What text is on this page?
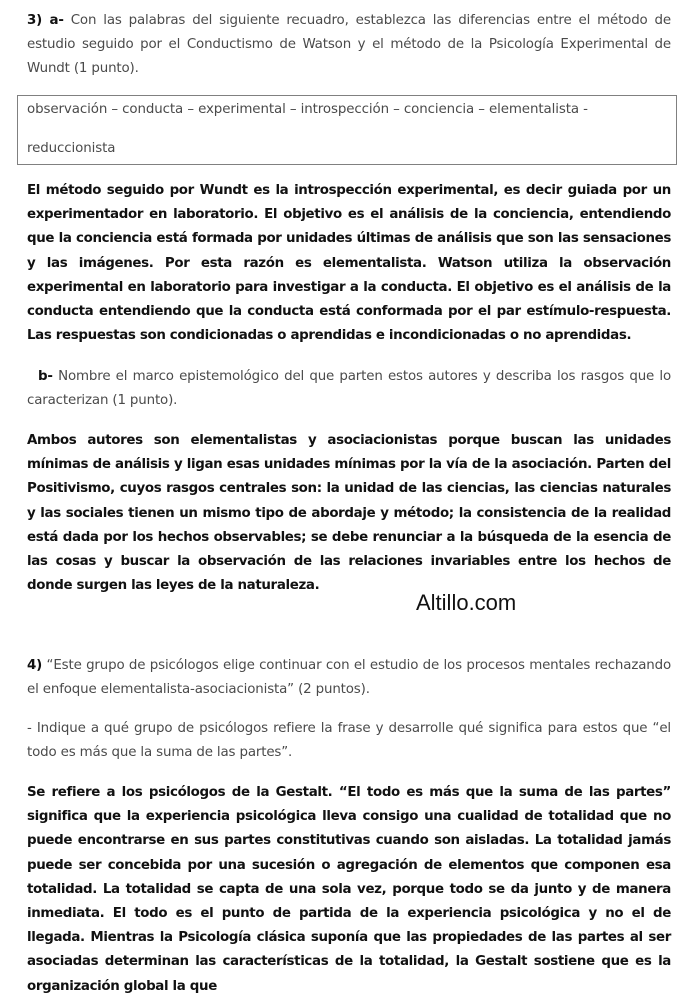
3) a- Con las palabras del siguiente recuadro, establezca las diferencias entre el método de estudio seguido por el Conductismo de Watson y el método de la Psicología Experimental de Wundt (1 punto).

observación – conducta – experimental – introspección – conciencia – elementalista -
reduccionista

El método seguido por Wundt es la introspección experimental, es decir guiada por un experimentador en laboratorio. El objetivo es el análisis de la conciencia, entendiendo que la conciencia está formada por unidades últimas de análisis que son las sensaciones y las imágenes. Por esta razón es elementalista. Watson utiliza la observación experimental en laboratorio para investigar a la conducta. El objetivo es el análisis de la conducta entendiendo que la conducta está conformada por el par estímulo-respuesta. Las respuestas son condicionadas o aprendidas e incondicionadas o no aprendidas.

b- Nombre el marco epistemológico del que parten estos autores y describa los rasgos que lo caracterizan (1 punto).

Ambos autores son elementalistas y asociacionistas porque buscan las unidades mínimas de análisis y ligan esas unidades mínimas por la vía de la asociación. Parten del Positivismo, cuyos rasgos centrales son: la unidad de las ciencias, las ciencias naturales y las sociales tienen un mismo tipo de abordaje y método; la consistencia de la realidad está dada por los hechos observables; se debe renunciar a la búsqueda de la esencia de las cosas y buscar la observación de las relaciones invariables entre los hechos de donde surgen las leyes de la naturaleza.

Altillo.com

4) “Este grupo de psicólogos elige continuar con el estudio de los procesos mentales rechazando el enfoque elementalista-asociacionista” (2 puntos).

- Indique a qué grupo de psicólogos refiere la frase y desarrolle qué significa para estos que “el todo es más que la suma de las partes”.

Se refiere a los psicólogos de la Gestalt. “El todo es más que la suma de las partes” significa que la experiencia psicológica lleva consigo una cualidad de totalidad que no puede encontrarse en sus partes constitutivas cuando son aisladas. La totalidad jamás puede ser concebida por una sucesión o agregación de elementos que componen esa totalidad. La totalidad se capta de una sola vez, porque todo se da junto y de manera inmediata. El todo es el punto de partida de la experiencia psicológica y no el de llegada. Mientras la Psicología clásica suponía que las propiedades de las partes al ser asociadas determinan las características de la totalidad, la Gestalt sostiene que es la organización global la que
